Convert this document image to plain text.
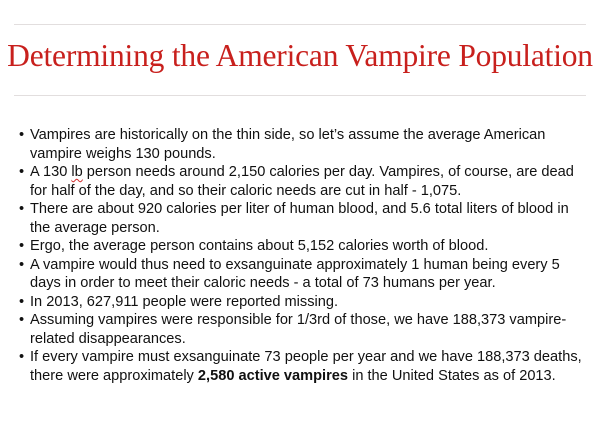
Determining the American Vampire Population
• Vampires are historically on the thin side, so let’s assume the average American vampire weighs 130 pounds.
• A 130 lb person needs around 2,150 calories per day. Vampires, of course, are dead for half of the day, and so their caloric needs are cut in half - 1,075.
• There are about 920 calories per liter of human blood, and 5.6 total liters of blood in the average person.
• Ergo, the average person contains about 5,152 calories worth of blood.
• A vampire would thus need to exsanguinate approximately 1 human being every 5 days in order to meet their caloric needs - a total of 73 humans per year.
• In 2013, 627,911 people were reported missing.
• Assuming vampires were responsible for 1/3rd of those, we have 188,373 vampire-related disappearances.
• If every vampire must exsanguinate 73 people per year and we have 188,373 deaths, there were approximately 2,580 active vampires in the United States as of 2013.
